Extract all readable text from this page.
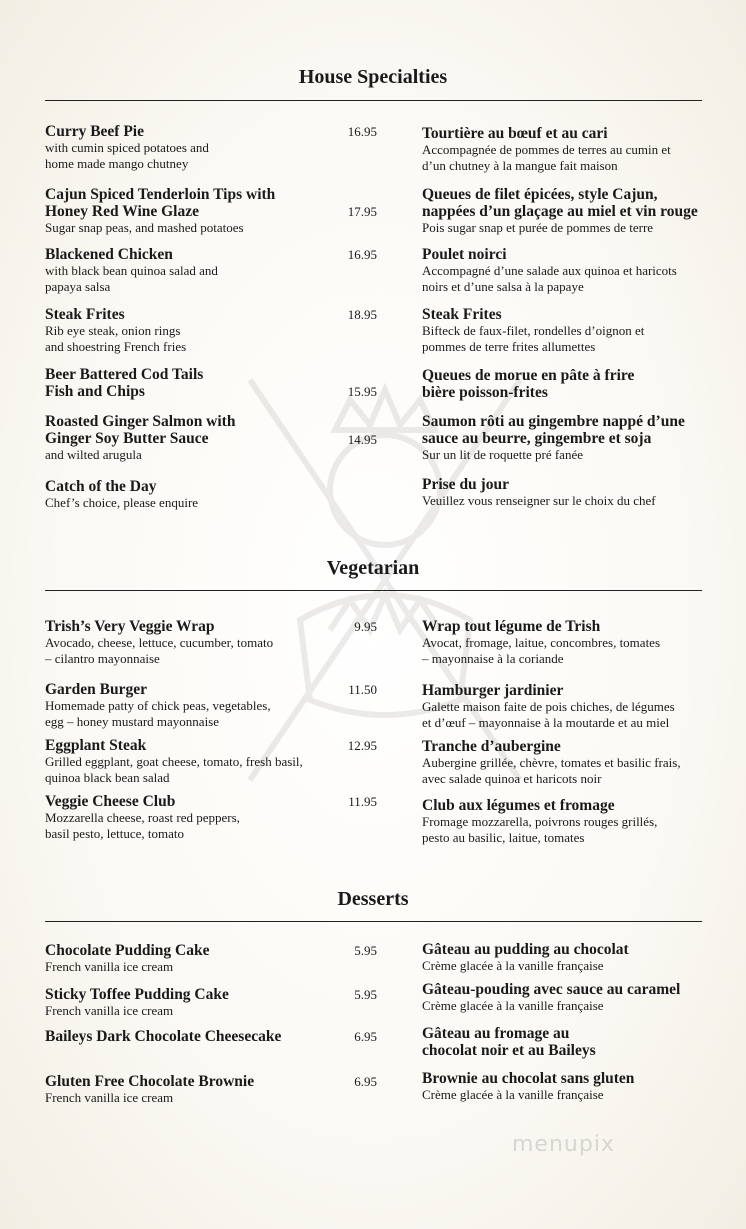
House Specialties
Curry Beef Pie
with cumin spiced potatoes and
home made mango chutney
16.95	Tourtière au bœuf et au cari
Accompagnée de pommes de terres au cumin et
d’un chutney à la mangue fait maison
Cajun Spiced Tenderloin Tips with
Honey Red Wine Glaze
Sugar snap peas, and mashed potatoes
17.95
Queues de filet épicées, style Cajun,
nappées d’un glaçage au miel et vin rouge
Pois sugar snap et purée de pommes de terre
Blackened Chicken
with black bean quinoa salad and
papaya salsa
16.95	Poulet noirci
Accompagné d’une salade aux quinoa et haricots
noirs et d’une salsa à la papaye
Steak Frites
Rib eye steak, onion rings
and shoestring French fries
18.95	Steak Frites
Bifteck de faux-filet, rondelles d’oignon et
pommes de terre frites allumettes
Beer Battered Cod Tails
Fish and Chips	15.95
Queues de morue en pâte à frire
bière poisson-frites
Roasted Ginger Salmon with
Ginger Soy Butter Sauce
and wilted arugula
14.95
Saumon rôti au gingembre nappé d’une
sauce au beurre, gingembre et soja
Sur un lit de roquette pré fanée
Catch of the Day
Chef’s choice, please enquire
Prise du jour
Veuillez vous renseigner sur le choix du chef
Vegetarian
Trish’s Very Veggie Wrap
Avocado, cheese, lettuce, cucumber, tomato
– cilantro mayonnaise
9.95	Wrap tout légume de Trish
Avocat, fromage, laitue, concombres, tomates
– mayonnaise à la coriande
Garden Burger
Homemade patty of chick peas, vegetables,
egg – honey mustard mayonnaise
11.50	Hamburger jardinier
Galette maison faite de pois chiches, de légumes
et d’œuf – mayonnaise à la moutarde et au miel
Eggplant Steak
Grilled eggplant, goat cheese, tomato, fresh basil,
quinoa black bean salad
12.95	Tranche d’aubergine
Aubergine grillée, chèvre, tomates et basilic frais,
avec salade quinoa et haricots noir
Veggie Cheese Club
Mozzarella cheese, roast red peppers,
basil pesto, lettuce, tomato
11.95	Club aux légumes et fromage
Fromage mozzarella, poivrons rouges grillés,
pesto au basilic, laitue, tomates
Desserts
Chocolate Pudding Cake
French vanilla ice cream
5.95	Gâteau au pudding au chocolat
Crème glacée à la vanille française
Sticky Toffee Pudding Cake
French vanilla ice cream
5.95	Gâteau-pouding avec sauce au caramel
Crème glacée à la vanille française
Baileys Dark Chocolate Cheesecake	6.95	Gâteau au fromage au
chocolat noir et au Baileys
Gluten Free Chocolate Brownie
French vanilla ice cream
6.95	Brownie au chocolat sans gluten
Crème glacée à la vanille française
menupix
